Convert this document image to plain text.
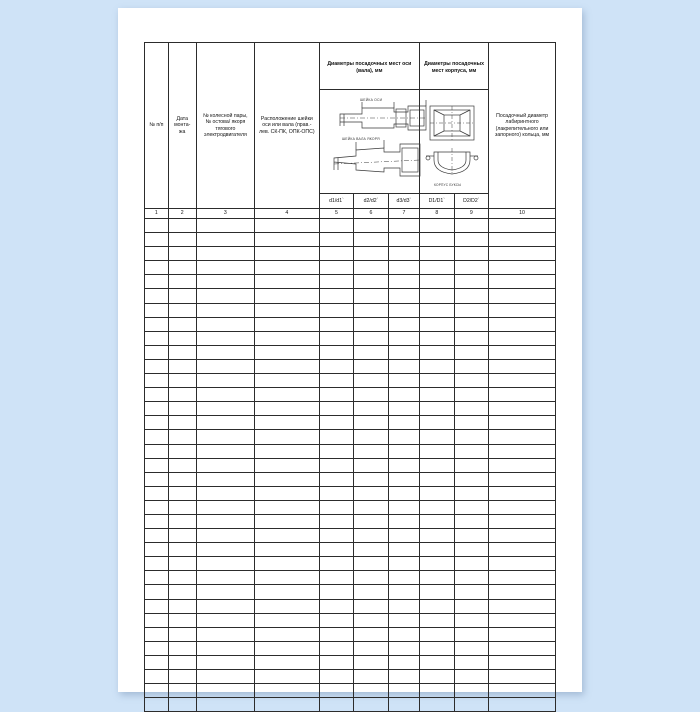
№ п/п	Дата монта- жа	№ колесной пары, № остова/ якоря тягового электродвигателя	Расположение шейки оси или вала (прав.-лев. СК-ПК, ОПК-ОПС)	Диаметры посадочных мест оси (вала), мм			Диаметры посадочных мест корпуса, мм		Посадочный диаметр лабиринтного (лакрепительного или запорного) кольца, мм

ШЕЙКА ОСИ
ШЕЙКА ВАЛА ЯКОРЯ			КОРПУС БУКСЫ		

				d1/d1`	d2/d2`	d3/d3`	D1/D1`	D2/D2`	
1	2	3	4	5	6	7	8	9	10
